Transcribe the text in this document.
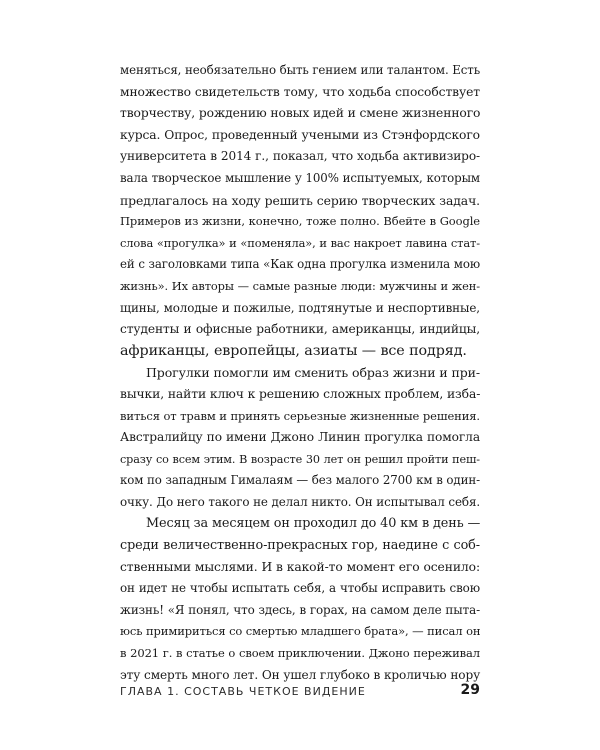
меняться, необязательно быть гением или талантом. Есть
множество свидетельств тому, что ходьба способствует
творчеству, рождению новых идей и смене жизненного
курса. Опрос, проведенный учеными из Стэнфордского
университета в 2014 г., показал, что ходьба активизиро-
вала творческое мышление у 100% испытуемых, которым
предлагалось на ходу решить серию творческих задач.
Примеров из жизни, конечно, тоже полно. Вбейте в Google
слова «прогулка» и «поменяла», и вас накроет лавина стат-
ей с заголовками типа «Как одна прогулка изменила мою
жизнь». Их авторы — самые разные люди: мужчины и жен-
щины, молодые и пожилые, подтянутые и неспортивные,
студенты и офисные работники, американцы, индийцы,
африканцы, европейцы, азиаты — все подряд.
Прогулки помогли им сменить образ жизни и при-
вычки, найти ключ к решению сложных проблем, изба-
виться от травм и принять серьезные жизненные решения.
Австралийцу по имени Джоно Линин прогулка помогла
сразу со всем этим. В возрасте 30 лет он решил пройти пеш-
ком по западным Гималаям — без малого 2700 км в один-
очку. До него такого не делал никто. Он испытывал себя.
Месяц за месяцем он проходил до 40 км в день —
среди величественно-прекрасных гор, наедине с соб-
ственными мыслями. И в какой-то момент его осенило:
он идет не чтобы испытать себя, а чтобы исправить свою
жизнь! «Я понял, что здесь, в горах, на самом деле пыта-
юсь примириться со смертью младшего брата», — писал он
в 2021 г. в статье о своем приключении. Джоно переживал
эту смерть много лет. Он ушел глубоко в кроличью нору
ГЛАВА 1. СОСТАВЬ ЧЕТКОЕ ВИДЕНИЕ	29
